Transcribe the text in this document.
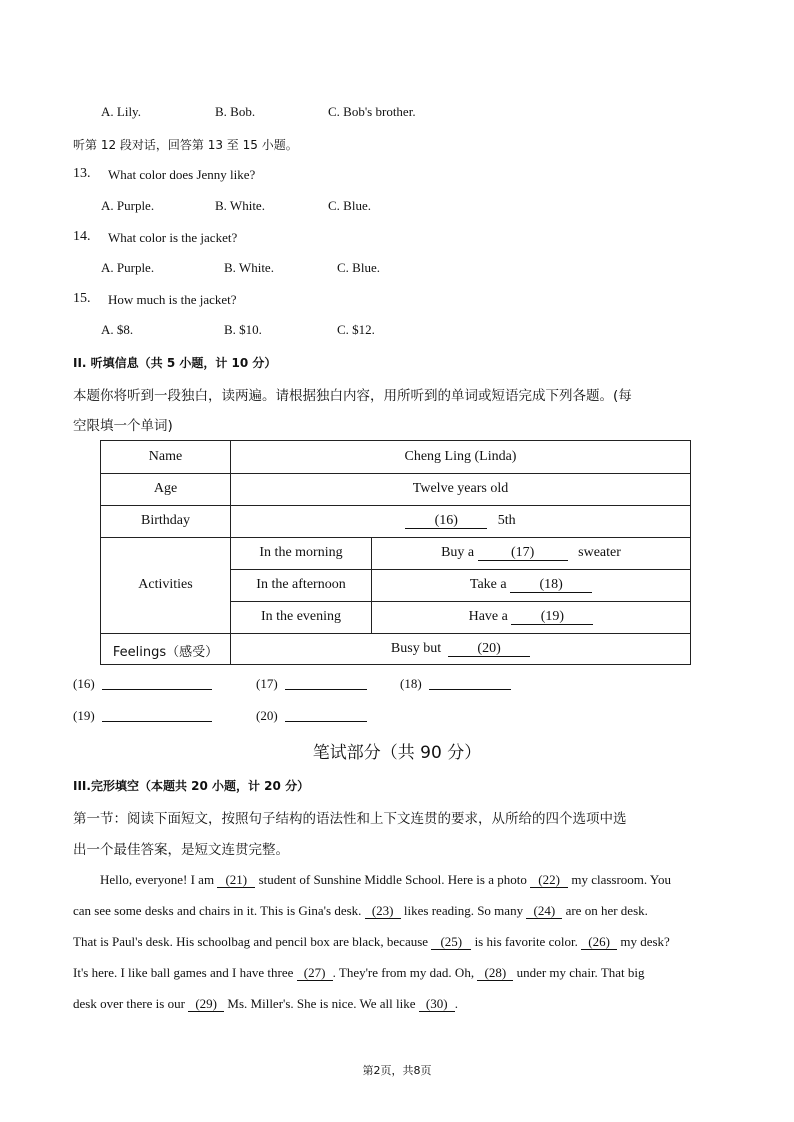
A. Lily.	B. Bob.	C. Bob's brother.
听第 12 段对话，回答第 13 至 15 小题。
13. What color does Jenny like?
A. Purple.	B. White.	C. Blue.
14. What color is the jacket?
A. Purple.	B. White.	C. Blue.
15. How much is the jacket?
A. $8.	B. $10.	C. $12.
II. 听填信息（共 5 小题，计 10 分）
本题你将听到一段独白，读两遍。请根据独白内容，用所听到的单词或短语完成下列各题。(每
空限填一个单词)
Name	Cheng Ling (Linda)
Age	Twelve years old
Birthday	(16)	5th
Activities
In the morning	Buy a	(17)	sweater
In the afternoon	Take a (18)
In the evening	Have a (19)
Feelings（感受）	Busy but	(20)
(16)	(17)	(18)
(19)	(20)
笔试部分（共 90 分）
III.完形填空（本题共 20 小题，计 20 分）
第一节：阅读下面短文，按照句子结构的语法性和上下文连贯的要求，从所给的四个选项中选
出一个最佳答案，是短文连贯完整。
Hello, everyone! I am (21) student of Sunshine Middle School. Here is a photo (22) my classroom. You
can see some desks and chairs in it. This is Gina's desk. (23) likes reading. So many (24) are on her desk.
That is Paul's desk. His schoolbag and pencil box are black, because (25) is his favorite color. (26) my desk?
It's here. I like ball games and I have three (27) . They're from my dad. Oh, (28) under my chair. That big
desk over there is our (29) Ms. Miller's. She is nice. We all like (30) .
第2页，共8页
